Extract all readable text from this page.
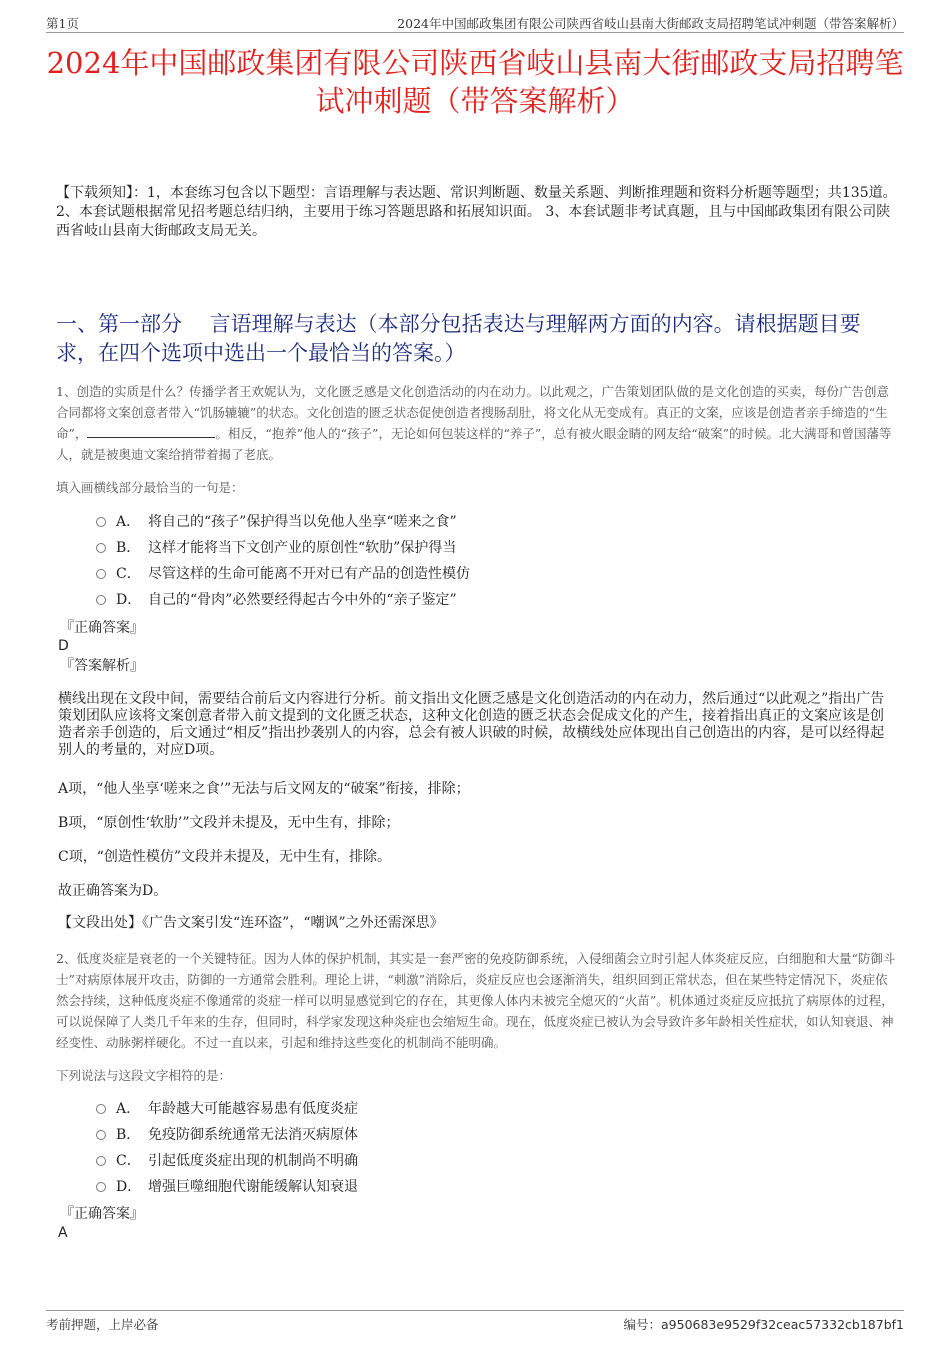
第1页	2024年中国邮政集团有限公司陕西省岐山县南大街邮政支局招聘笔试冲刺题（带答案解析）
2024年中国邮政集团有限公司陕西省岐山县南大街邮政支局招聘笔试冲刺题（带答案解析）

【下载须知】：1，本套练习包含以下题型：言语理解与表达题、常识判断题、数量关系题、判断推理题和资料分析题等题型；共135道。 2、本套试题根据常见招考题总结归纳，主要用于练习答题思路和拓展知识面。 3、本套试题非考试真题，且与中国邮政集团有限公司陕西省岐山县南大街邮政支局无关。

一、第一部分　 言语理解与表达（本部分包括表达与理解两方面的内容。请根据题目要求，在四个选项中选出一个最恰当的答案。）

1、创造的实质是什么？传播学者王欢妮认为，文化匮乏感是文化创造活动的内在动力。以此观之，广告策划团队做的是文化创造的买卖，每份广告创意合同都将文案创意者带入“饥肠辘辘”的状态。文化创造的匮乏状态促使创造者搜肠刮肚，将文化从无变成有。真正的文案，应该是创造者亲手缔造的“生命”，	。相反，“抱养”他人的“孩子”，无论如何包装这样的“养子”，总有被火眼金睛的网友给“破案”的时候。北大满哥和曾国藩等人，就是被奥迪文案给捎带着揭了老底。

填入画横线部分最恰当的一句是：

A． 将自己的“孩子”保护得当以免他人坐享“嗟来之食”
B． 这样才能将当下文创产业的原创性“软肋”保护得当
C． 尽管这样的生命可能离不开对已有产品的创造性模仿
D． 自己的“骨肉”必然要经得起古今中外的“亲子鉴定”

『正确答案』

D

『答案解析』

横线出现在文段中间，需要结合前后文内容进行分析。前文指出文化匮乏感是文化创造活动的内在动力，然后通过“以此观之”指出广告策划团队应该将文案创意者带入前文提到的文化匮乏状态，这种文化创造的匮乏状态会促成文化的产生，接着指出真正的文案应该是创造者亲手创造的，后文通过“相反”指出抄袭别人的内容，总会有被人识破的时候，故横线处应体现出自己创造出的内容，是可以经得起别人的考量的，对应D项。

A项，“他人坐享‘嗟来之食’”无法与后文网友的“破案”衔接，排除；

B项，“原创性‘软肋’”文段并未提及，无中生有，排除；

C项，“创造性模仿”文段并未提及，无中生有，排除。

故正确答案为D。

【文段出处】《广告文案引发“连环盗”，“嘲讽”之外还需深思》

2、低度炎症是衰老的一个关键特征。因为人体的保护机制，其实是一套严密的免疫防御系统，入侵细菌会立时引起人体炎症反应，白细胞和大量“防御斗士”对病原体展开攻击，防御的一方通常会胜利。理论上讲，“刺激”消除后，炎症反应也会逐渐消失，组织回到正常状态，但在某些特定情况下，炎症依然会持续，这种低度炎症不像通常的炎症一样可以明显感觉到它的存在，其更像人体内未被完全熄灭的“火苗”。机体通过炎症反应抵抗了病原体的过程，可以说保障了人类几千年来的生存，但同时，科学家发现这种炎症也会缩短生命。现在，低度炎症已被认为会导致许多年龄相关性症状，如认知衰退、神经变性、动脉粥样硬化。不过一直以来，引起和维持这些变化的机制尚不能明确。

下列说法与这段文字相符的是：

A． 年龄越大可能越容易患有低度炎症
B． 免疫防御系统通常无法消灭病原体
C． 引起低度炎症出现的机制尚不明确
D． 增强巨噬细胞代谢能缓解认知衰退

『正确答案』

A

考前押题，上岸必备	编号：a950683e9529f32ceac57332cb187bf1
